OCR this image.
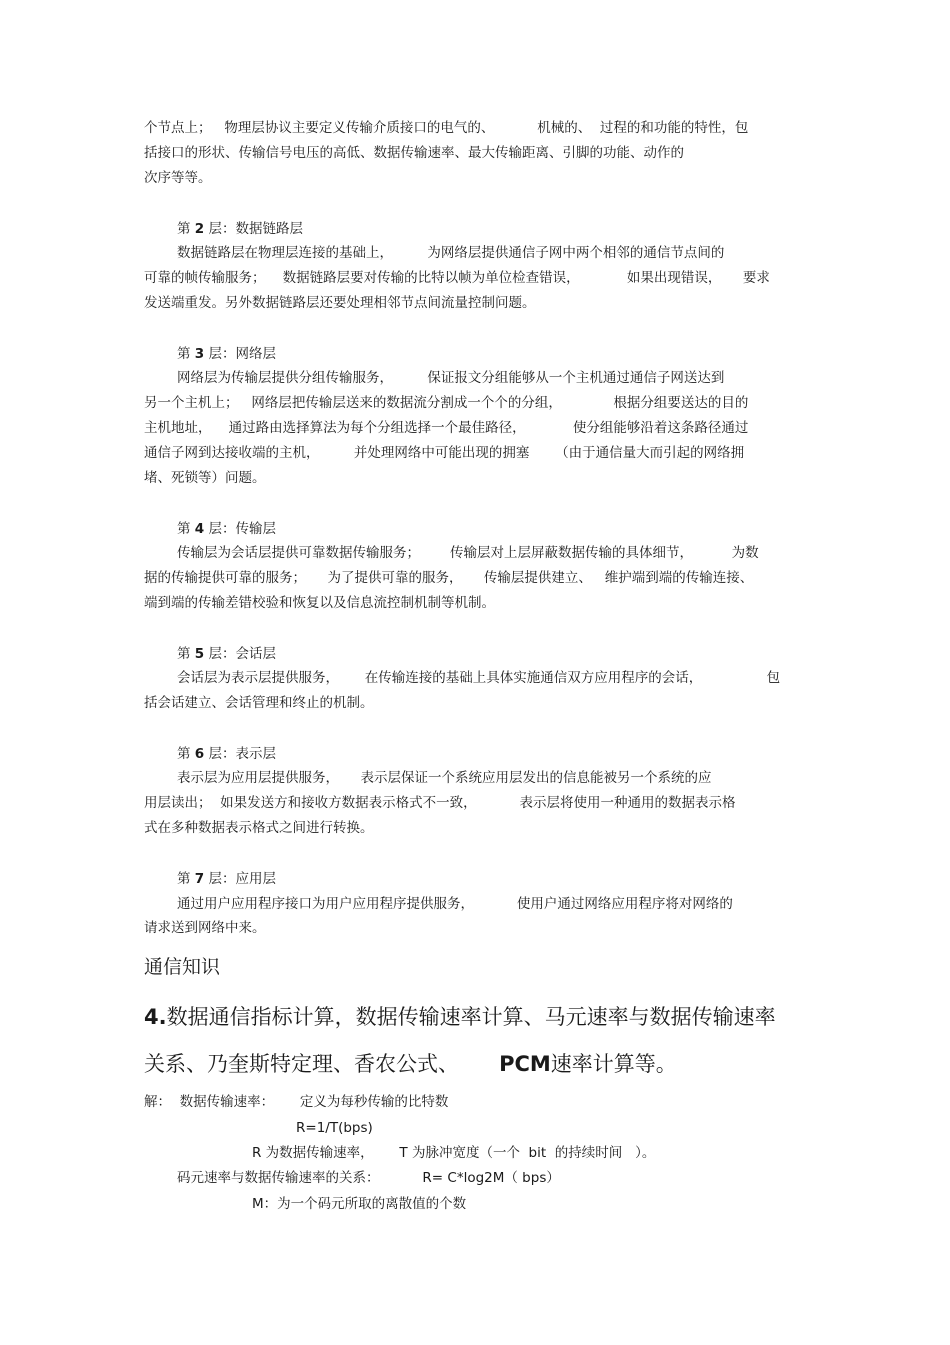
个节点上；   物理层协议主要定义传输介质接口的电气的、          机械的、  过程的和功能的特性，包
括接口的形状、传输信号电压的高低、数据传输速率、最大传输距离、引脚的功能、动作的
次序等等。
第 2 层：数据链路层
数据链路层在物理层连接的基础上，        为网络层提供通信子网中两个相邻的通信节点间的
可靠的帧传输服务；    数据链路层要对传输的比特以帧为单位检查错误，           如果出现错误，     要求
发送端重发。另外数据链路层还要处理相邻节点间流量控制问题。
第 3 层：网络层
网络层为传输层提供分组传输服务，        保证报文分组能够从一个主机通过通信子网送达到
另一个主机上；   网络层把传输层送来的数据流分割成一个个的分组，            根据分组要送达的目的
主机地址，    通过路由选择算法为每个分组选择一个最佳路径，           使分组能够沿着这条路径通过
通信子网到达接收端的主机，        并处理网络中可能出现的拥塞      （由于通信量大而引起的网络拥
堵、死锁等）问题。
第 4 层：传输层
传输层为会话层提供可靠数据传输服务；       传输层对上层屏蔽数据传输的具体细节，         为数
据的传输提供可靠的服务；     为了提供可靠的服务，     传输层提供建立、   维护端到端的传输连接、
端到端的传输差错校验和恢复以及信息流控制机制等机制。
第 5 层：会话层
会话层为表示层提供服务，      在传输连接的基础上具体实施通信双方应用程序的会话，               包
括会话建立、会话管理和终止的机制。
第 6 层：表示层
表示层为应用层提供服务，     表示层保证一个系统应用层发出的信息能被另一个系统的应
用层读出；  如果发送方和接收方数据表示格式不一致，          表示层将使用一种通用的数据表示格
式在多种数据表示格式之间进行转换。
第 7 层：应用层
通过用户应用程序接口为用户应用程序提供服务，          使用户通过网络应用程序将对网络的
请求送到网络中来。
通信知识
4.数据通信指标计算，数据传输速率计算、马元速率与数据传输速率
关系、乃奎斯特定理、香农公式、      PCM速率计算等。
解：  数据传输速率：      定义为每秒传输的比特数
R=1/T(bps)
R 为数据传输速率，      T 为脉冲宽度（一个  bit  的持续时间   ）。
码元速率与数据传输速率的关系：          R= C*log2M（ bps）
M：为一个码元所取的离散值的个数
